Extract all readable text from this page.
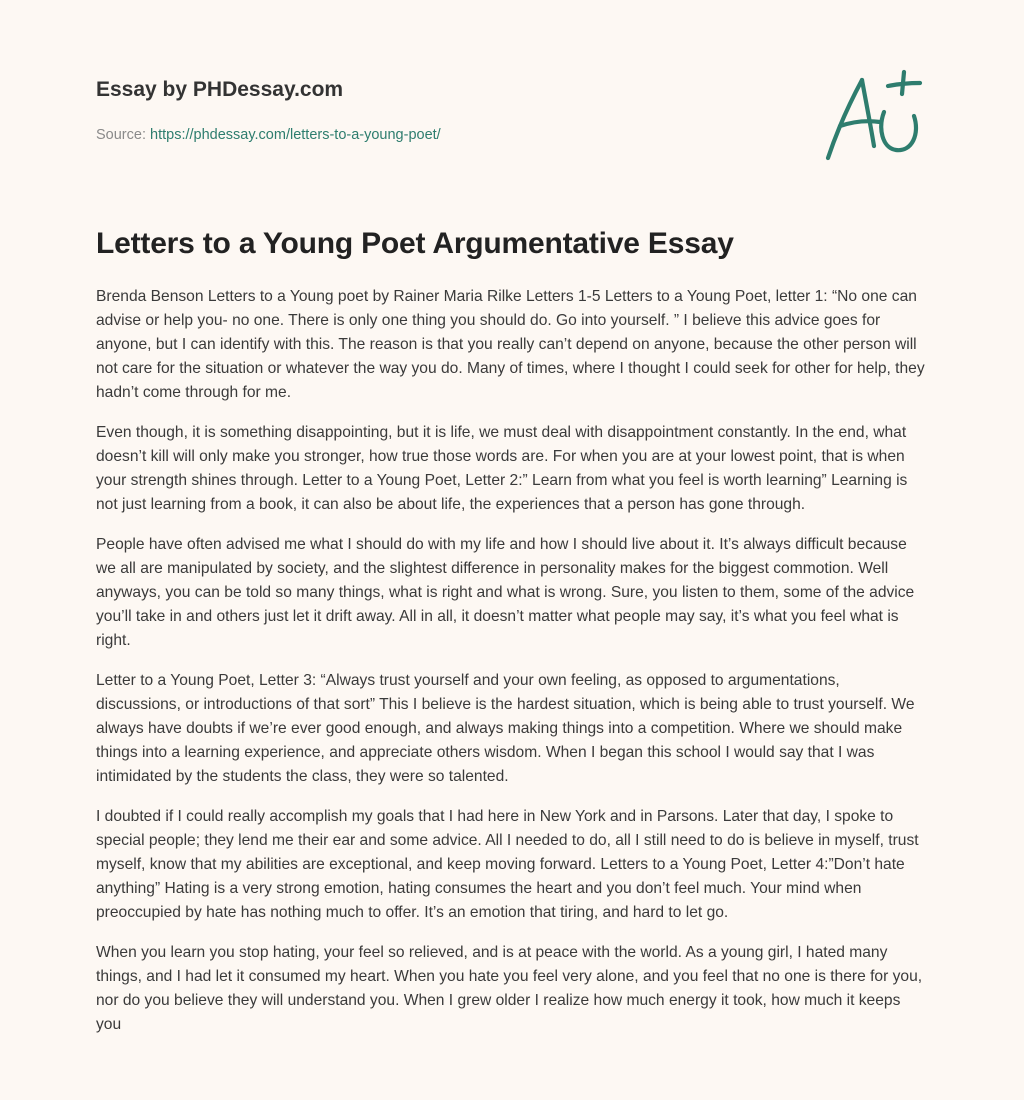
Essay by PHDessay.com
Source: https://phdessay.com/letters-to-a-young-poet/
Letters to a Young Poet Argumentative Essay

Brenda Benson Letters to a Young poet by Rainer Maria Rilke Letters 1-5 Letters to a Young Poet, letter 1: “No one can advise or help you- no one. There is only one thing you should do. Go into yourself. ” I believe this advice goes for anyone, but I can identify with this. The reason is that you really can’t depend on anyone, because the other person will not care for the situation or whatever the way you do. Many of times, where I thought I could seek for other for help, they hadn’t come through for me.

Even though, it is something disappointing, but it is life, we must deal with disappointment constantly. In the end, what doesn’t kill will only make you stronger, how true those words are. For when you are at your lowest point, that is when your strength shines through. Letter to a Young Poet, Letter 2:” Learn from what you feel is worth learning” Learning is not just learning from a book, it can also be about life, the experiences that a person has gone through.

People have often advised me what I should do with my life and how I should live about it. It’s always difficult because we all are manipulated by society, and the slightest difference in personality makes for the biggest commotion. Well anyways, you can be told so many things, what is right and what is wrong. Sure, you listen to them, some of the advice you’ll take in and others just let it drift away. All in all, it doesn’t matter what people may say, it’s what you feel what is right.

Letter to a Young Poet, Letter 3: “Always trust yourself and your own feeling, as opposed to argumentations, discussions, or introductions of that sort” This I believe is the hardest situation, which is being able to trust yourself. We always have doubts if we’re ever good enough, and always making things into a competition. Where we should make things into a learning experience, and appreciate others wisdom. When I began this school I would say that I was intimidated by the students the class, they were so talented.

I doubted if I could really accomplish my goals that I had here in New York and in Parsons. Later that day, I spoke to special people; they lend me their ear and some advice. All I needed to do, all I still need to do is believe in myself, trust myself, know that my abilities are exceptional, and keep moving forward. Letters to a Young Poet, Letter 4:”Don’t hate anything” Hating is a very strong emotion, hating consumes the heart and you don’t feel much. Your mind when preoccupied by hate has nothing much to offer. It’s an emotion that tiring, and hard to let go.

When you learn you stop hating, your feel so relieved, and is at peace with the world. As a young girl, I hated many things, and I had let it consumed my heart. When you hate you feel very alone, and you feel that no one is there for you, nor do you believe they will understand you. When I grew older I realize how much energy it took, how much it keeps you
